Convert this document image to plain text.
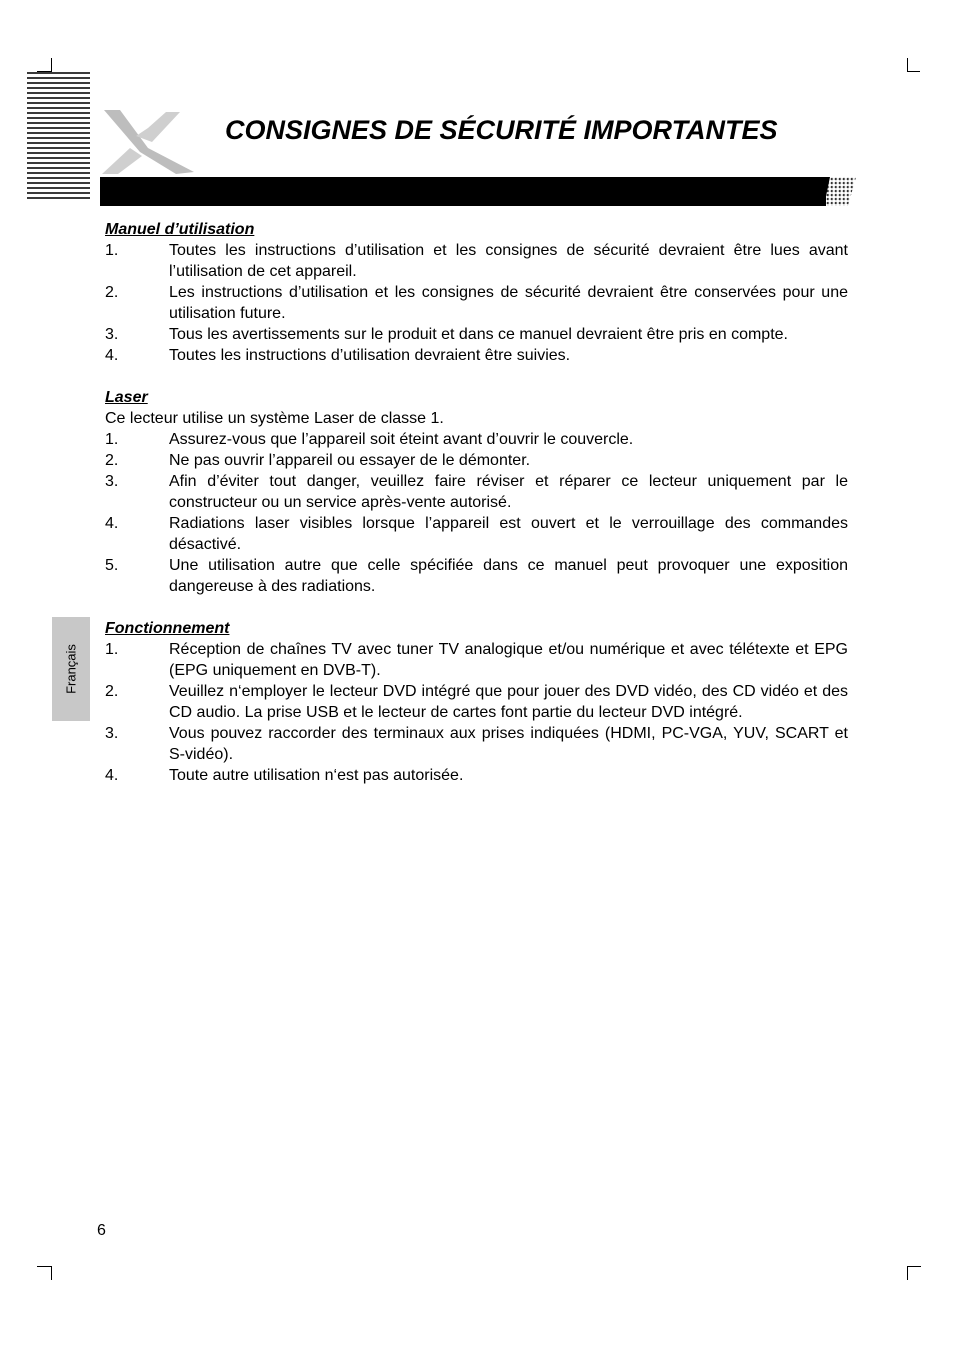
CONSIGNES DE SÉCURITÉ IMPORTANTES
Français

Manuel d’utilisation

1.	Toutes les instructions d’utilisation et les consignes de sécurité devraient être lues avant l’utilisation de cet appareil.
2.	Les instructions d’utilisation et les consignes de sécurité devraient être conservées pour une utilisation future.
3.	Tous les avertissements sur le produit et dans ce manuel devraient être pris en compte.
4.	Toutes les instructions d’utilisation devraient être suivies.

Laser

Ce lecteur utilise un système Laser de classe 1.

1.	Assurez-vous que l’appareil soit éteint avant d’ouvrir le couvercle.
2.	Ne pas ouvrir l’appareil ou essayer de le démonter.
3.	Afin d’éviter tout danger, veuillez faire réviser et réparer ce lecteur uniquement par le constructeur ou un service après-vente autorisé.
4.	Radiations laser visibles lorsque l’appareil est ouvert et le verrouillage des commandes désactivé.
5.	Une utilisation autre que celle spécifiée dans ce manuel peut provoquer une exposition dangereuse à des radiations.

Fonctionnement

1.	Réception de chaînes TV avec tuner TV analogique et/ou numérique et avec télétexte et EPG (EPG uniquement en DVB-T).
2.	Veuillez n‘employer le lecteur DVD intégré que pour jouer des DVD vidéo, des CD vidéo et des CD audio. La prise USB et le lecteur de cartes font partie du lecteur DVD intégré.
3.	Vous pouvez raccorder des terminaux aux prises indiquées (HDMI, PC-VGA, YUV, SCART et S-vidéo).
4.	Toute autre utilisation n‘est pas autorisée.
6
